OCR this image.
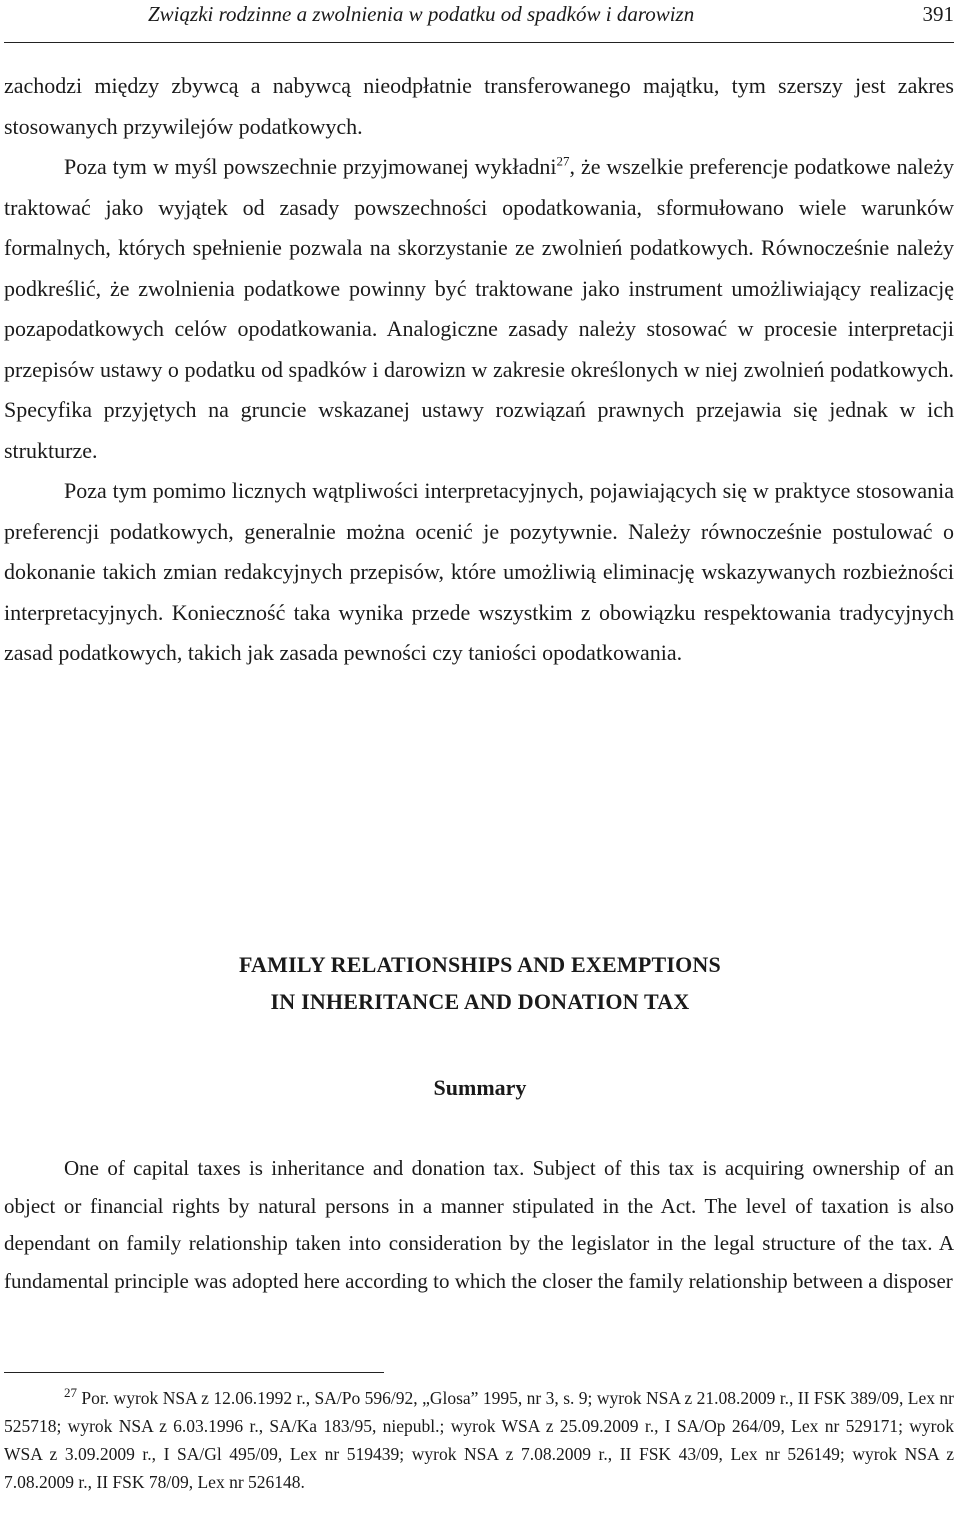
Związki rodzinne a zwolnienia w podatku od spadków i darowizn	391

zachodzi między zbywcą a nabywcą nieodpłatnie transferowanego majątku, tym szerszy jest zakres stosowanych przywilejów podatkowych.

Poza tym w myśl powszechnie przyjmowanej wykładni$^{27}$, że wszelkie preferencje podatkowe należy traktować jako wyjątek od zasady powszechności opodatkowania, sformułowano wiele warunków formalnych, których spełnienie pozwala na skorzystanie ze zwolnień podatkowych. Równocześnie należy podkreślić, że zwolnienia podatkowe powinny być traktowane jako instrument umożliwiający realizację pozapodatkowych celów opodatkowania. Analogiczne zasady należy stosować w procesie interpretacji przepisów ustawy o podatku od spadków i darowizn w zakresie określonych w niej zwolnień podatkowych. Specyfika przyjętych na gruncie wskazanej ustawy rozwiązań prawnych przejawia się jednak w ich strukturze.

Poza tym pomimo licznych wątpliwości interpretacyjnych, pojawiających się w praktyce stosowania preferencji podatkowych, generalnie można ocenić je pozytywnie. Należy równocześnie postulować o dokonanie takich zmian redakcyjnych przepisów, które umożliwią eliminację wskazywanych rozbieżności interpretacyjnych. Konieczność taka wynika przede wszystkim z obowiązku respektowania tradycyjnych zasad podatkowych, takich jak zasada pewności czy taniości opodatkowania.

FAMILY RELATIONSHIPS AND EXEMPTIONS
IN INHERITANCE AND DONATION TAX
Summary

One of capital taxes is inheritance and donation tax. Subject of this tax is acquiring ownership of an object or financial rights by natural persons in a manner stipulated in the Act. The level of taxation is also dependant on family relationship taken into consideration by the legislator in the legal structure of the tax. A fundamental principle was adopted here according to which the closer the family relationship between a disposer

$^{27}$ Por. wyrok NSA z 12.06.1992 r., SA/Po 596/92, „Glosa” 1995, nr 3, s. 9; wyrok NSA z 21.08.2009 r., II FSK 389/09, Lex nr 525718; wyrok NSA z 6.03.1996 r., SA/Ka 183/95, niepubl.; wyrok WSA z 25.09.2009 r., I SA/Op 264/09, Lex nr 529171; wyrok WSA z 3.09.2009 r., I SA/Gl 495/09, Lex nr 519439; wyrok NSA z 7.08.2009 r., II FSK 43/09, Lex nr 526149; wyrok NSA z 7.08.2009 r., II FSK 78/09, Lex nr 526148.
